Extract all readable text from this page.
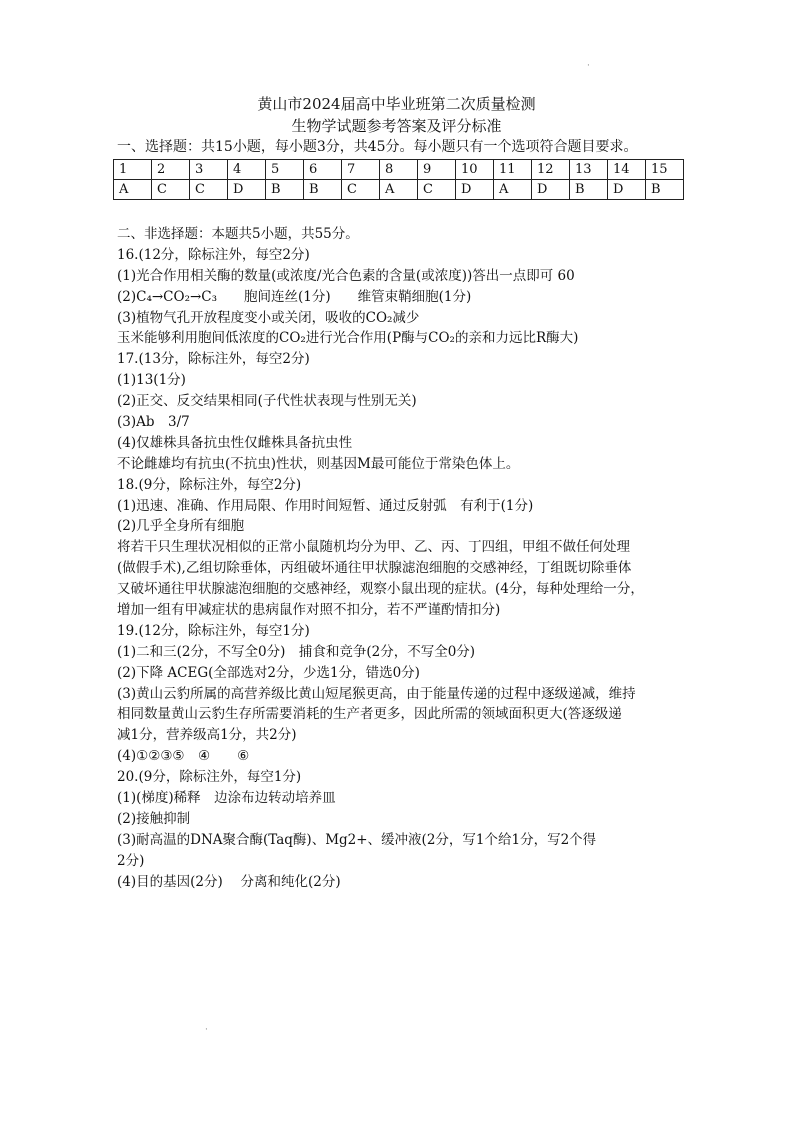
·
黄山市2024届高中毕业班第二次质量检测
生物学试题参考答案及评分标准
一、选择题：共15小题，每小题3分，共45分。每小题只有一个选项符合题目要求。
1	2	3	4	5	6	7	8	9	10	11	12	13	14	15
A	C	C	D	B	B	C	A	C	D	A	D	B	D	B
二、非选择题：本题共5小题，共55分。
16.(12分，除标注外，每空2分)
(1)光合作用相关酶的数量(或浓度/光合色素的含量(或浓度))答出一点即可 60
(2)C₄→CO₂→C₃　　胞间连丝(1分)　　维管束鞘细胞(1分)
(3)植物气孔开放程度变小或关闭，吸收的CO₂减少
玉米能够利用胞间低浓度的CO₂进行光合作用(P酶与CO₂的亲和力远比R酶大)
17.(13分，除标注外，每空2分)
(1)13(1分)
(2)正交、反交结果相同(子代性状表现与性别无关)
(3)Ab　3/7
(4)仅雄株具备抗虫性仅雌株具备抗虫性
不论雌雄均有抗虫(不抗虫)性状，则基因M最可能位于常染色体上。
18.(9分，除标注外，每空2分)
(1)迅速、准确、作用局限、作用时间短暂、通过反射弧　有利于(1分)
(2)几乎全身所有细胞
将若干只生理状况相似的正常小鼠随机均分为甲、乙、丙、丁四组，甲组不做任何处理
(做假手术),乙组切除垂体，丙组破坏通往甲状腺滤泡细胞的交感神经，丁组既切除垂体
又破坏通往甲状腺滤泡细胞的交感神经，观察小鼠出现的症状。(4分，每种处理给一分，
增加一组有甲减症状的患病鼠作对照不扣分，若不严谨酌情扣分)
19.(12分，除标注外，每空1分)
(1)二和三(2分，不写全0分)　捕食和竞争(2分，不写全0分)
(2)下降 ACEG(全部选对2分，少选1分，错选0分)
(3)黄山云豹所属的高营养级比黄山短尾猴更高，由于能量传递的过程中逐级递减，维持
相同数量黄山云豹生存所需要消耗的生产者更多，因此所需的领域面积更大(答逐级递
减1分，营养级高1分，共2分)
(4)①②③⑤　④　　⑥
20.(9分，除标注外，每空1分)
(1)(梯度)稀释　边涂布边转动培养皿
(2)接触抑制
(3)耐高温的DNA聚合酶(Taq酶)、Mg2+、缓冲液(2分，写1个给1分，写2个得
2分)
(4)目的基因(2分)　 分离和纯化(2分)
·
